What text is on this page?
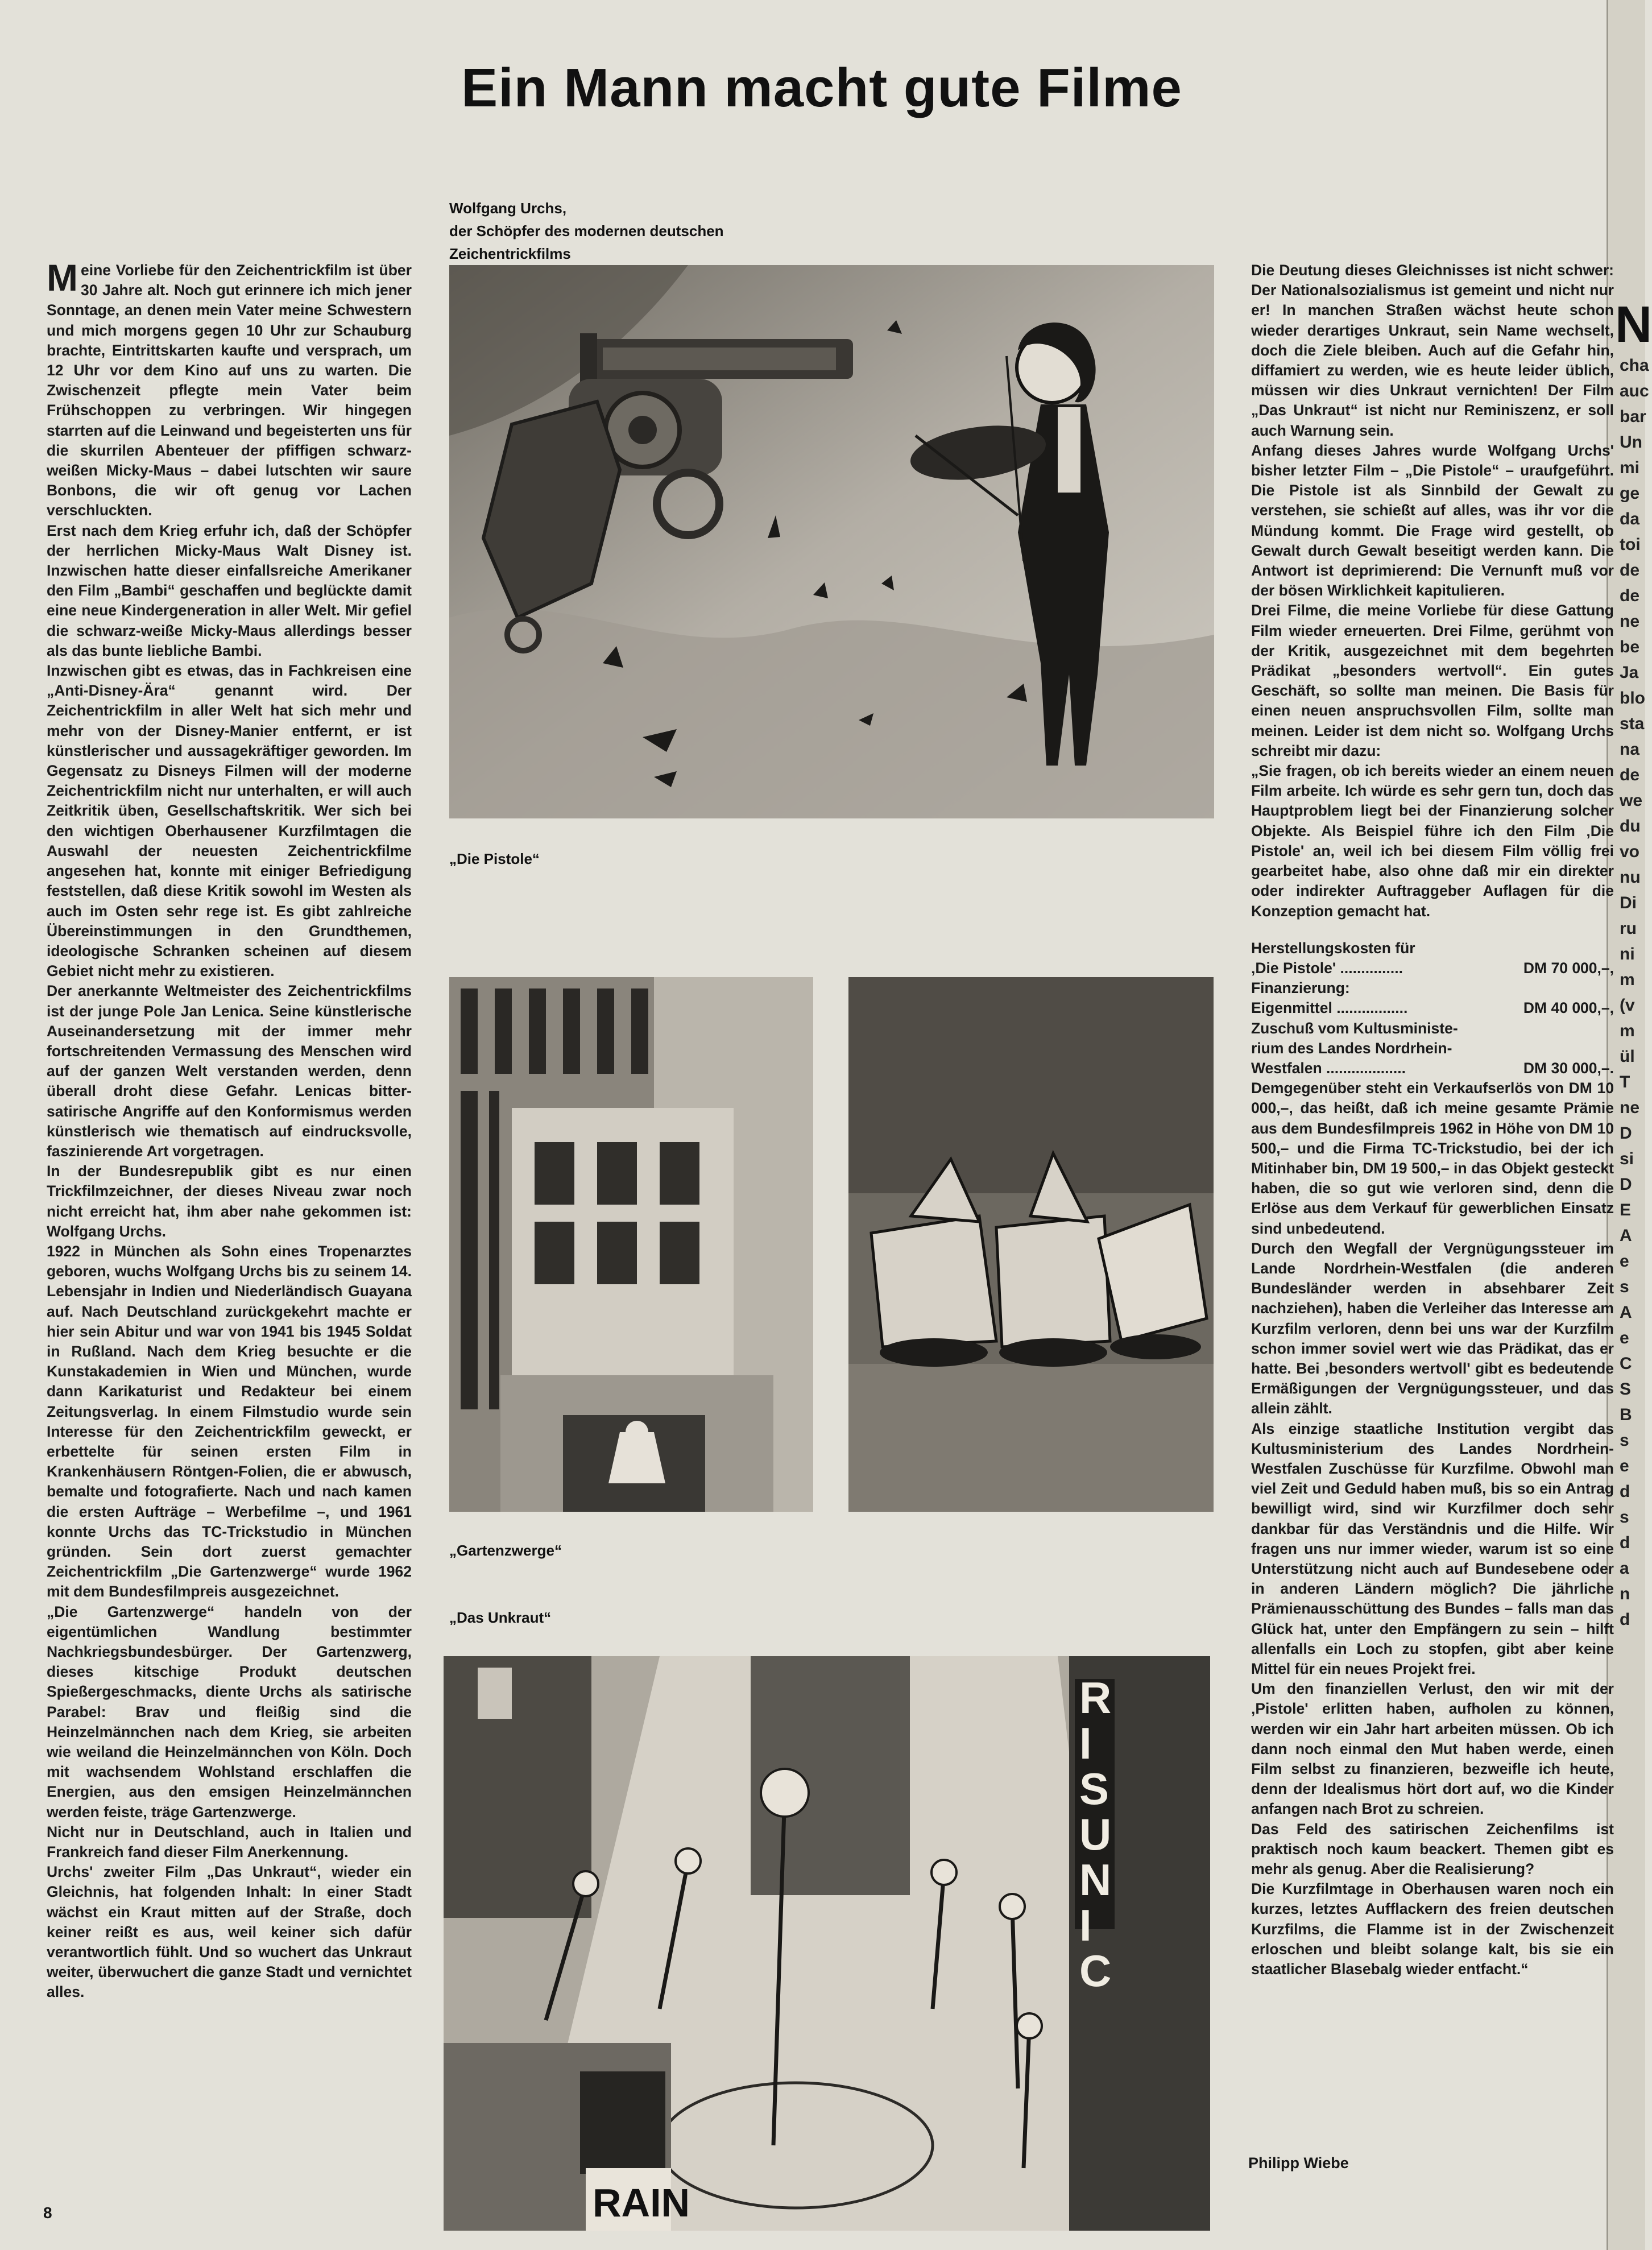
N
cha
auc
bar
Un
mi
ge
da
toi
de
de
ne
be
Ja
blo
sta
na
de
we
du
vo
nu
Di
ru
ni
m
(v
m
ül
T
ne
D
si
D
E
A
e
s
A
e
C
S
B
s
e
d
s
d
a
n
d
Ein Mann macht gute Filme
Wolfgang Urchs,
der Schöpfer des modernen deutschen
Zeichentrickfilms

Meine Vorliebe für den Zeichentrickfilm ist über 30 Jahre alt. Noch gut erinnere ich mich jener Sonntage, an denen mein Vater meine Schwestern und mich morgens gegen 10 Uhr zur Schauburg brachte, Eintrittskarten kaufte und versprach, um 12 Uhr vor dem Kino auf uns zu warten. Die Zwischenzeit pflegte mein Vater beim Frühschoppen zu verbringen. Wir hingegen starrten auf die Leinwand und begeisterten uns für die skurrilen Abenteuer der pfiffigen schwarz-weißen Micky-Maus – dabei lutschten wir saure Bonbons, die wir oft genug vor Lachen verschluckten.

Erst nach dem Krieg erfuhr ich, daß der Schöpfer der herrlichen Micky-Maus Walt Disney ist. Inzwischen hatte dieser einfallsreiche Amerikaner den Film „Bambi“ geschaffen und beglückte damit eine neue Kindergeneration in aller Welt. Mir gefiel die schwarz-weiße Micky-Maus allerdings besser als das bunte liebliche Bambi.

Inzwischen gibt es etwas, das in Fachkreisen eine „Anti-Disney-Ära“ genannt wird. Der Zeichentrickfilm in aller Welt hat sich mehr und mehr von der Disney-Manier entfernt, er ist künstlerischer und aussagekräftiger geworden. Im Gegensatz zu Disneys Filmen will der moderne Zeichentrickfilm nicht nur unterhalten, er will auch Zeitkritik üben, Gesellschaftskritik. Wer sich bei den wichtigen Oberhausener Kurzfilmtagen die Auswahl der neuesten Zeichentrickfilme angesehen hat, konnte mit einiger Befriedigung feststellen, daß diese Kritik sowohl im Westen als auch im Osten sehr rege ist. Es gibt zahlreiche Übereinstimmungen in den Grundthemen, ideologische Schranken scheinen auf diesem Gebiet nicht mehr zu existieren.

Der anerkannte Weltmeister des Zeichentrickfilms ist der junge Pole Jan Lenica. Seine künstlerische Auseinandersetzung mit der immer mehr fortschreitenden Vermassung des Menschen wird auf der ganzen Welt verstanden werden, denn überall droht diese Gefahr. Lenicas bitter-satirische Angriffe auf den Konformismus werden künstlerisch wie thematisch auf eindrucksvolle, faszinierende Art vorgetragen.

In der Bundesrepublik gibt es nur einen Trickfilmzeichner, der dieses Niveau zwar noch nicht erreicht hat, ihm aber nahe gekommen ist: Wolfgang Urchs.

1922 in München als Sohn eines Tropenarztes geboren, wuchs Wolfgang Urchs bis zu seinem 14. Lebensjahr in Indien und Niederländisch Guayana auf. Nach Deutschland zurückgekehrt machte er hier sein Abitur und war von 1941 bis 1945 Soldat in Rußland. Nach dem Krieg besuchte er die Kunstakademien in Wien und München, wurde dann Karikaturist und Redakteur bei einem Zeitungsverlag. In einem Filmstudio wurde sein Interesse für den Zeichentrickfilm geweckt, er erbettelte für seinen ersten Film in Krankenhäusern Röntgen-Folien, die er abwusch, bemalte und fotografierte. Nach und nach kamen die ersten Aufträge – Werbefilme –, und 1961 konnte Urchs das TC-Trickstudio in München gründen. Sein dort zuerst gemachter Zeichentrickfilm „Die Gartenzwerge“ wurde 1962 mit dem Bundesfilmpreis ausgezeichnet.

„Die Gartenzwerge“ handeln von der eigentümlichen Wandlung bestimmter Nachkriegsbundesbürger. Der Gartenzwerg, dieses kitschige Produkt deutschen Spießergeschmacks, diente Urchs als satirische Parabel: Brav und fleißig sind die Heinzelmännchen nach dem Krieg, sie arbeiten wie weiland die Heinzelmännchen von Köln. Doch mit wachsendem Wohlstand erschlaffen die Energien, aus den emsigen Heinzelmännchen werden feiste, träge Gartenzwerge.

Nicht nur in Deutschland, auch in Italien und Frankreich fand dieser Film Anerkennung.

Urchs' zweiter Film „Das Unkraut“, wieder ein Gleichnis, hat folgenden Inhalt: In einer Stadt wächst ein Kraut mitten auf der Straße, doch keiner reißt es aus, weil keiner sich dafür verantwortlich fühlt. Und so wuchert das Unkraut weiter, überwuchert die ganze Stadt und vernichtet alles.

„Die Pistole“
„Gartenzwerge“
„Das Unkraut“
RAIN
R
I
S
U
N
I
C

Die Deutung dieses Gleichnisses ist nicht schwer: Der Nationalsozialismus ist gemeint und nicht nur er! In manchen Straßen wächst heute schon wieder derartiges Unkraut, sein Name wechselt, doch die Ziele bleiben. Auch auf die Gefahr hin, diffamiert zu werden, wie es heute leider üblich, müssen wir dies Unkraut vernichten! Der Film „Das Unkraut“ ist nicht nur Reminiszenz, er soll auch Warnung sein.

Anfang dieses Jahres wurde Wolfgang Urchs' bisher letzter Film – „Die Pistole“ – uraufgeführt. Die Pistole ist als Sinnbild der Gewalt zu verstehen, sie schießt auf alles, was ihr vor die Mündung kommt. Die Frage wird gestellt, ob Gewalt durch Gewalt beseitigt werden kann. Die Antwort ist deprimierend: Die Vernunft muß vor der bösen Wirklichkeit kapitulieren.

Drei Filme, die meine Vorliebe für diese Gattung Film wieder erneuerten. Drei Filme, gerühmt von der Kritik, ausgezeichnet mit dem begehrten Prädikat „besonders wertvoll“. Ein gutes Geschäft, so sollte man meinen. Die Basis für einen neuen anspruchsvollen Film, sollte man meinen. Leider ist dem nicht so. Wolfgang Urchs schreibt mir dazu:

„Sie fragen, ob ich bereits wieder an einem neuen Film arbeite. Ich würde es sehr gern tun, doch das Hauptproblem liegt bei der Finanzierung solcher Objekte. Als Beispiel führe ich den Film ‚Die Pistole' an, weil ich bei diesem Film völlig frei gearbeitet habe, also ohne daß mir ein direkter oder indirekter Auftraggeber Auflagen für die Konzeption gemacht hat.

Herstellungskosten für
‚Die Pistole' ...............	DM 70 000,–,
Finanzierung:
Eigenmittel .................	DM 40 000,–,
Zuschuß vom Kultusministe-
rium des Landes Nordrhein-
Westfalen ...................	DM 30 000,–.

Demgegenüber steht ein Verkaufserlös von DM 10 000,–, das heißt, daß ich meine gesamte Prämie aus dem Bundesfilmpreis 1962 in Höhe von DM 10 500,– und die Firma TC-Trickstudio, bei der ich Mitinhaber bin, DM 19 500,– in das Objekt gesteckt haben, die so gut wie verloren sind, denn die Erlöse aus dem Verkauf für gewerblichen Einsatz sind unbedeutend.

Durch den Wegfall der Vergnügungssteuer im Lande Nordrhein-Westfalen (die anderen Bundesländer werden in absehbarer Zeit nachziehen), haben die Verleiher das Interesse am Kurzfilm verloren, denn bei uns war der Kurzfilm schon immer soviel wert wie das Prädikat, das er hatte. Bei ‚besonders wertvoll' gibt es bedeutende Ermäßigungen der Vergnügungssteuer, und das allein zählt.

Als einzige staatliche Institution vergibt das Kultusministerium des Landes Nordrhein-Westfalen Zuschüsse für Kurzfilme. Obwohl man viel Zeit und Geduld haben muß, bis so ein Antrag bewilligt wird, sind wir Kurzfilmer doch sehr dankbar für das Verständnis und die Hilfe. Wir fragen uns nur immer wieder, warum ist so eine Unterstützung nicht auch auf Bundesebene oder in anderen Ländern möglich? Die jährliche Prämienausschüttung des Bundes – falls man das Glück hat, unter den Empfängern zu sein – hilft allenfalls ein Loch zu stopfen, gibt aber keine Mittel für ein neues Projekt frei.

Um den finanziellen Verlust, den wir mit der ‚Pistole' erlitten haben, aufholen zu können, werden wir ein Jahr hart arbeiten müssen. Ob ich dann noch einmal den Mut haben werde, einen Film selbst zu finanzieren, bezweifle ich heute, denn der Idealismus hört dort auf, wo die Kinder anfangen nach Brot zu schreien.

Das Feld des satirischen Zeichenfilms ist praktisch noch kaum beackert. Themen gibt es mehr als genug. Aber die Realisierung?

Die Kurzfilmtage in Oberhausen waren noch ein kurzes, letztes Aufflackern des freien deutschen Kurzfilms, die Flamme ist in der Zwischenzeit erloschen und bleibt solange kalt, bis sie ein staatlicher Blasebalg wieder entfacht.“

Philipp Wiebe
8
